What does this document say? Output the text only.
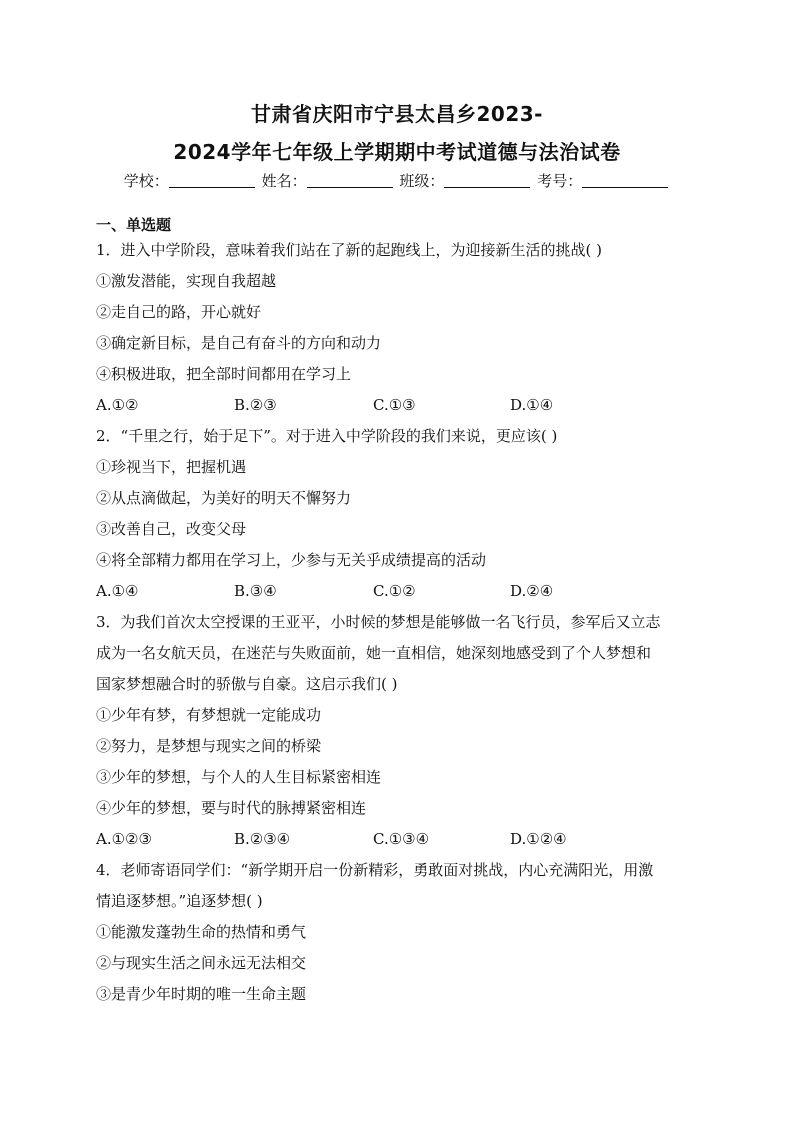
甘肃省庆阳市宁县太昌乡2023-
2024学年七年级上学期期中考试道德与法治试卷
学校：	姓名：	班级：	考号：
一、单选题
1．进入中学阶段，意味着我们站在了新的起跑线上，为迎接新生活的挑战( )
①激发潜能，实现自我超越
②走自己的路，开心就好
③确定新目标，是自己有奋斗的方向和动力
④积极进取，把全部时间都用在学习上
A.①②	B.②③	C.①③	D.①④
2．“千里之行，始于足下”。对于进入中学阶段的我们来说，更应该( )
①珍视当下，把握机遇
②从点滴做起，为美好的明天不懈努力
③改善自己，改变父母
④将全部精力都用在学习上，少参与无关乎成绩提高的活动
A.①④	B.③④	C.①②	D.②④
3．为我们首次太空授课的王亚平，小时候的梦想是能够做一名飞行员，参军后又立志
成为一名女航天员，在迷茫与失败面前，她一直相信，她深刻地感受到了个人梦想和
国家梦想融合时的骄傲与自豪。这启示我们( )
①少年有梦，有梦想就一定能成功
②努力，是梦想与现实之间的桥梁
③少年的梦想，与个人的人生目标紧密相连
④少年的梦想，要与时代的脉搏紧密相连
A.①②③	B.②③④	C.①③④	D.①②④
4．老师寄语同学们：“新学期开启一份新精彩，勇敢面对挑战，内心充满阳光，用激
情追逐梦想。”追逐梦想( )
①能激发蓬勃生命的热情和勇气
②与现实生活之间永远无法相交
③是青少年时期的唯一生命主题
